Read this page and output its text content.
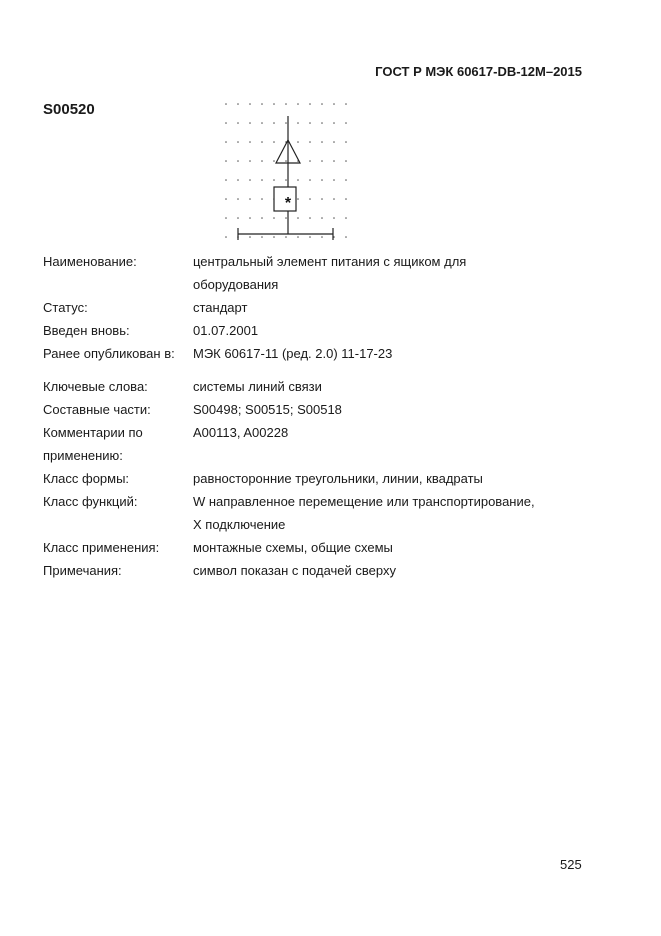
ГОСТ Р МЭК 60617-DB-12M–2015
S00520
*
Наименование:	центральный элемент питания с ящиком для
оборудования
Статус:	стандарт
Введен вновь:	01.07.2001
Ранее опубликован в:	МЭК 60617-11 (ред. 2.0) 11-17-23
Ключевые слова:	системы линий связи
Составные части:	S00498; S00515; S00518
Комментарии по	A00113, A00228
применению:
Класс формы:	равносторонние треугольники, линии, квадраты
Класс функций:	W направленное перемещение или транспортирование,
X подключение
Класс применения:	монтажные схемы, общие схемы
Примечания:	символ показан с подачей сверху
525
